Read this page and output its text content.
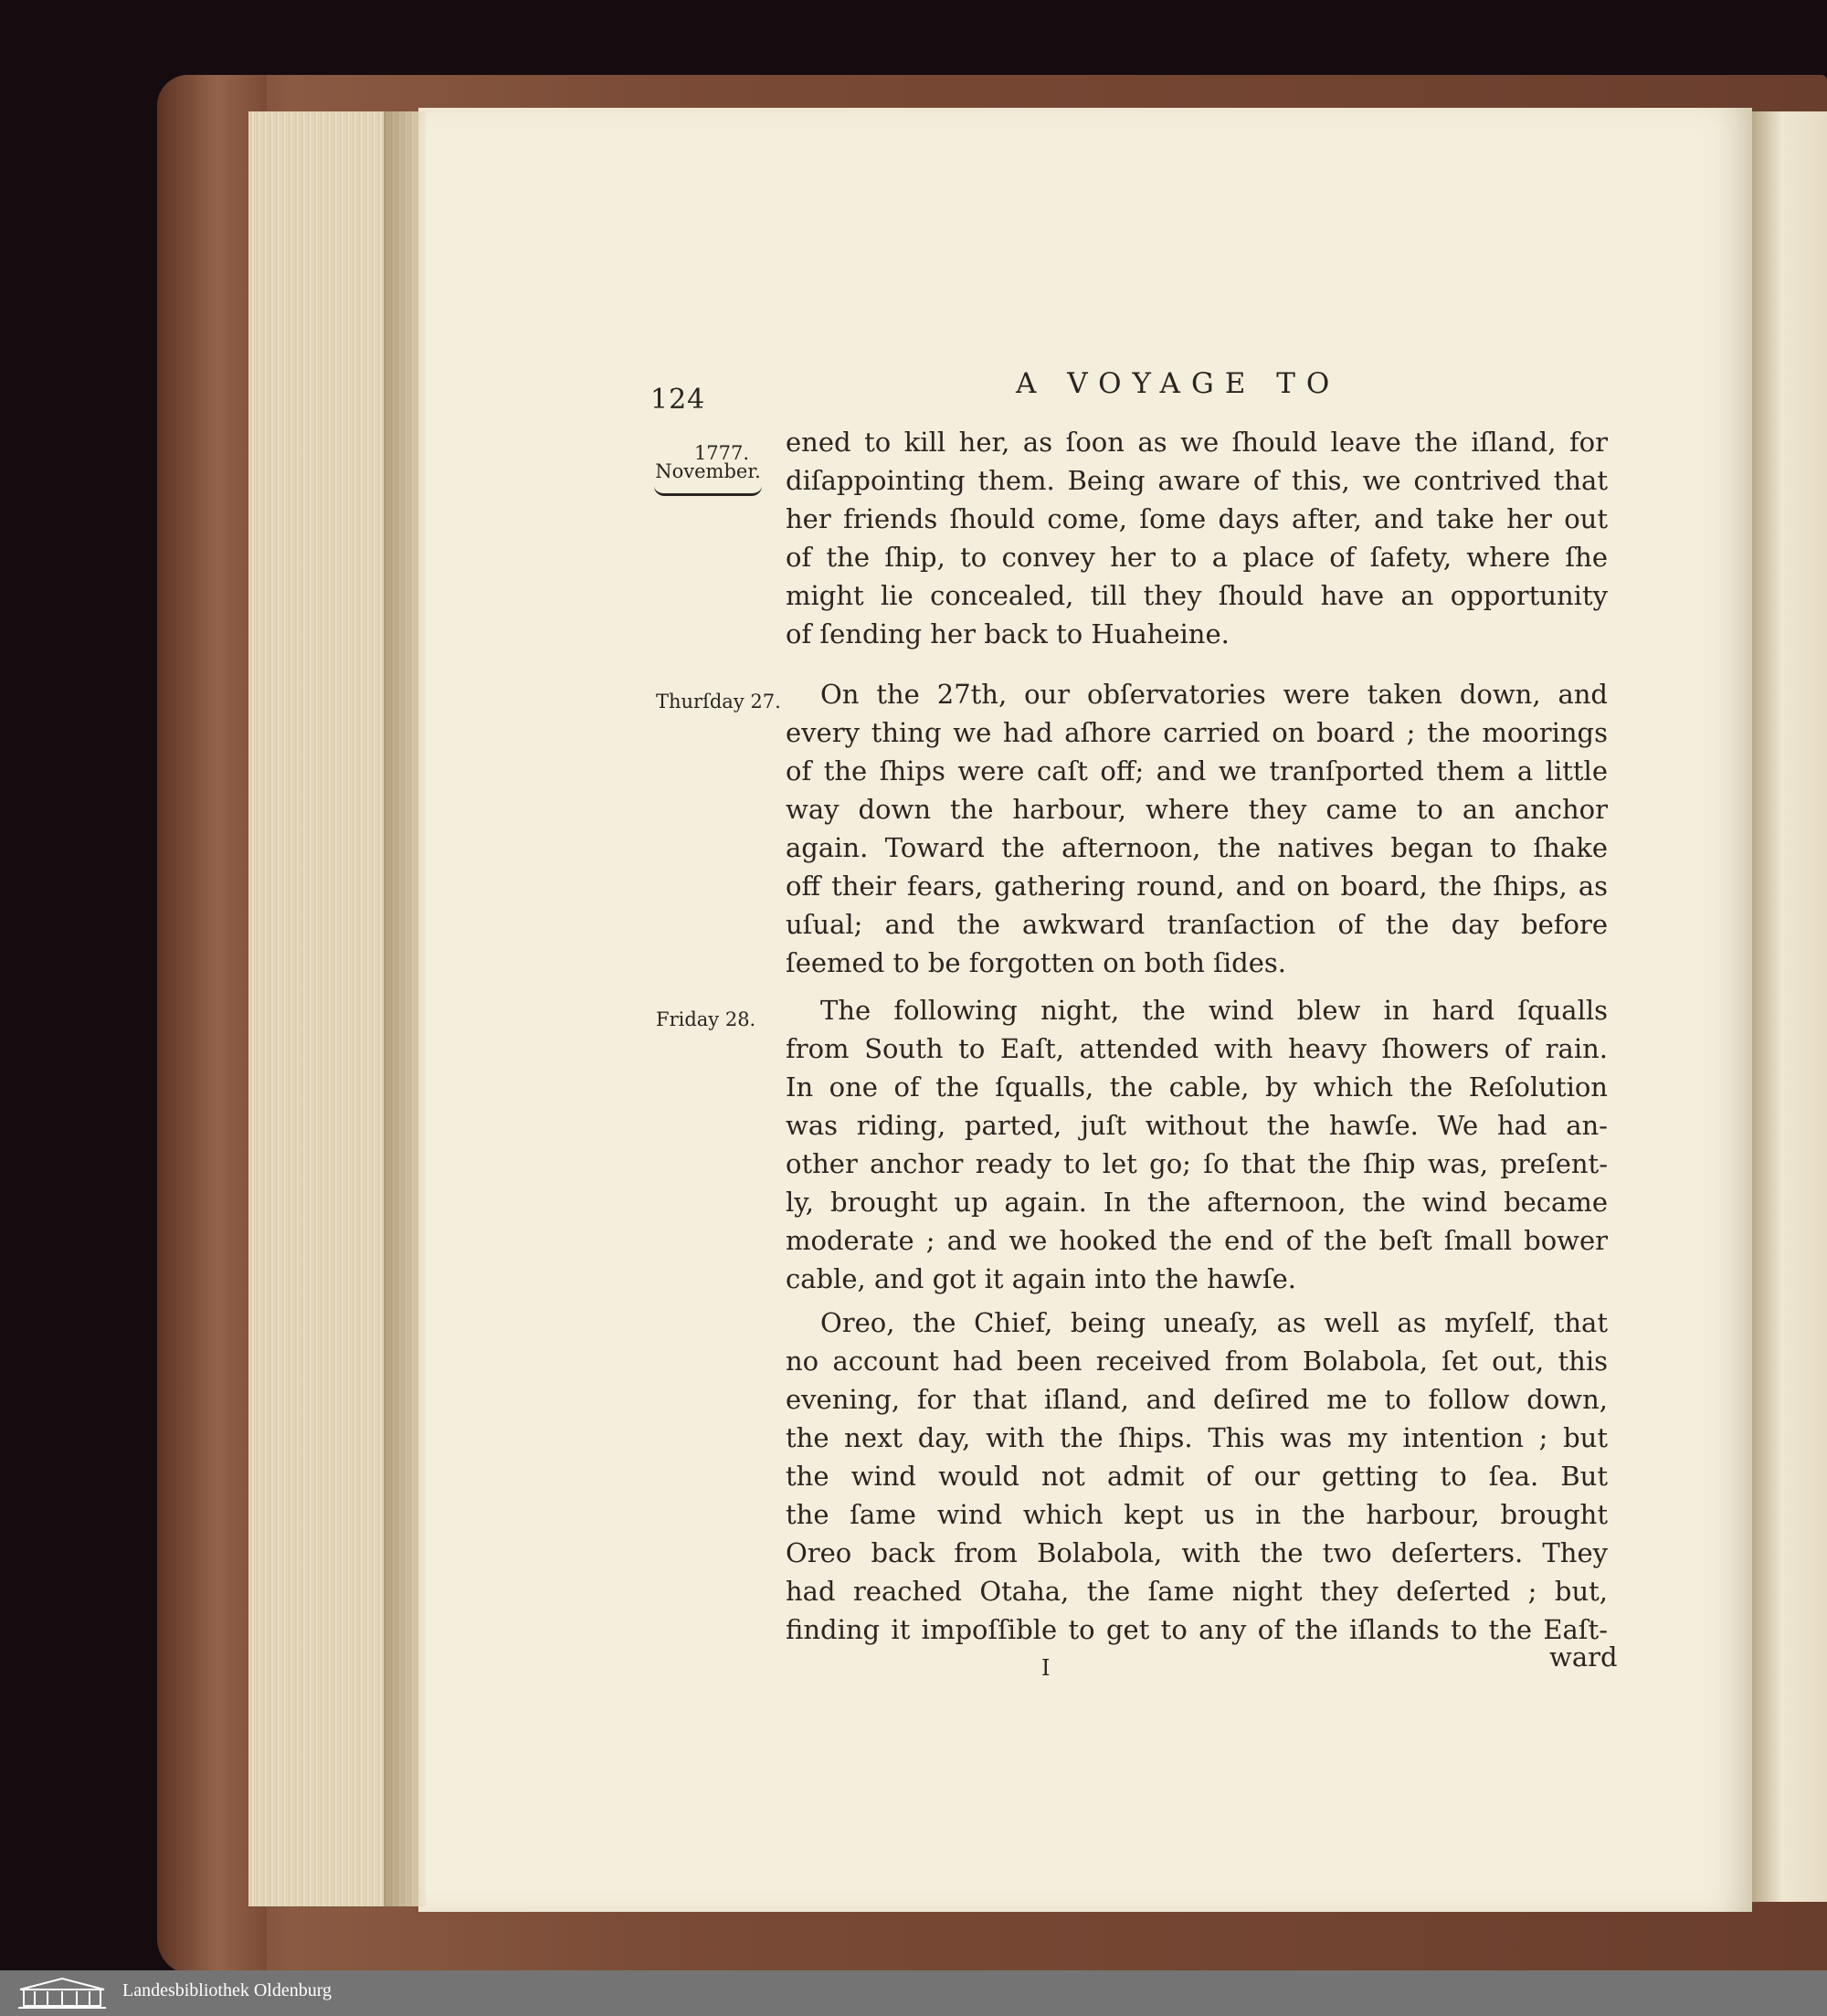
124	A VOYAGE TO
1777.
November.
Thurſday 27.
Friday 28.
ened to kill her, as ſoon as we ſhould leave the iſland, for
diſappointing them. Being aware of this, we contrived that
her friends ſhould come, ſome days after, and take her out
of the ſhip, to convey her to a place of ſafety, where ſhe
might lie concealed, till they ſhould have an opportunity
of ſending her back to Huaheine.
On the 27th, our obſervatories were taken down, and
every thing we had aſhore carried on board ; the moorings
of the ſhips were caſt off; and we tranſported them a little
way down the harbour, where they came to an anchor
again. Toward the afternoon, the natives began to ſhake
off their fears, gathering round, and on board, the ſhips, as
uſual; and the awkward tranſaction of the day before
ſeemed to be forgotten on both ſides.
The following night, the wind blew in hard ſqualls
from South to Eaſt, attended with heavy ſhowers of rain.
In one of the ſqualls, the cable, by which the Reſolution
was riding, parted, juſt without the hawſe. We had an-
other anchor ready to let go; ſo that the ſhip was, preſent-
ly, brought up again. In the afternoon, the wind became
moderate ; and we hooked the end of the beſt ſmall bower
cable, and got it again into the hawſe.
Oreo, the Chief, being uneaſy, as well as myſelf, that
no account had been received from Bolabola, ſet out, this
evening, for that iſland, and deſired me to follow down,
the next day, with the ſhips. This was my intention ; but
the wind would not admit of our getting to ſea. But
the ſame wind which kept us in the harbour, brought
Oreo back from Bolabola, with the two deſerters. They
had reached Otaha, the ſame night they deſerted ; but,
finding it impoſſible to get to any of the iſlands to the Eaſt-
I	ward
Landesbibliothek Oldenburg
